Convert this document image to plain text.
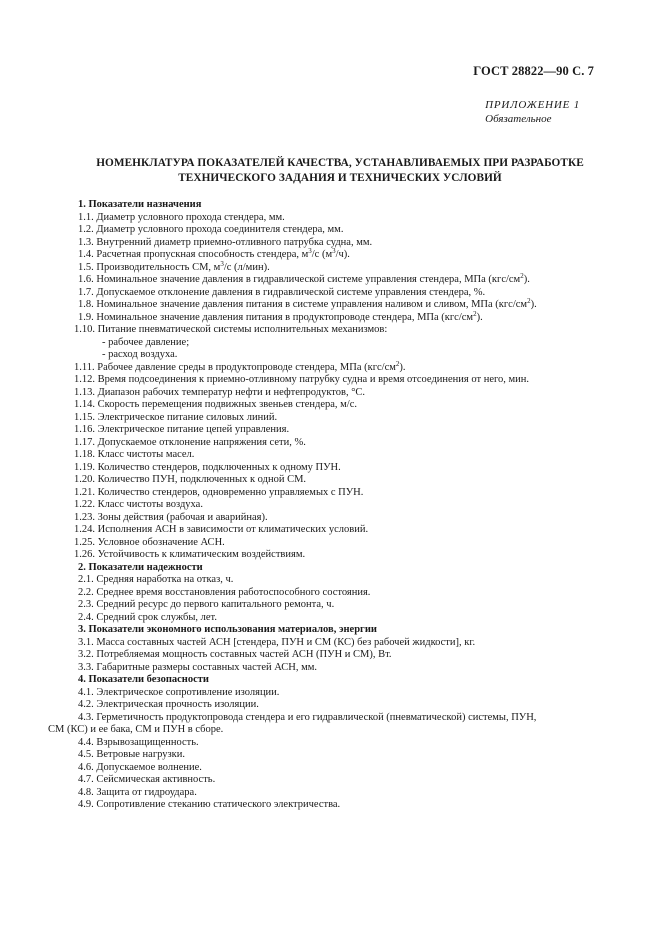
ГОСТ 28822—90 С. 7
ПРИЛОЖЕНИЕ 1
Обязательное
НОМЕНКЛАТУРА ПОКАЗАТЕЛЕЙ КАЧЕСТВА, УСТАНАВЛИВАЕМЫХ ПРИ РАЗРАБОТКЕ
ТЕХНИЧЕСКОГО ЗАДАНИЯ И ТЕХНИЧЕСКИХ УСЛОВИЙ
1. Показатели назначения
1.1. Диаметр условного прохода стендера, мм.
1.2. Диаметр условного прохода соединителя стендера, мм.
1.3. Внутренний диаметр приемно-отливного патрубка судна, мм.
1.4. Расчетная пропускная способность стендера, $м^3/с$ $(м^3/ч)$.
1.5. Производительность СМ, $м^3/с$ (л/мин).
1.6. Номинальное значение давления в гидравлической системе управления стендера, МПа $(кгс/см^2)$.
1.7. Допускаемое отклонение давления в гидравлической системе управления стендера, %.
1.8. Номинальное значение давления питания в системе управления наливом и сливом, МПа $(кгс/см^2)$.
1.9. Номинальное значение давления питания в продуктопроводе стендера, МПа $(кгс/см^2)$.
1.10. Питание пневматической системы исполнительных механизмов:
- рабочее давление;
- расход воздуха.
1.11. Рабочее давление среды в продуктопроводе стендера, МПа $(кгс/см^2)$.
1.12. Время подсоединения к приемно-отливному патрубку судна и время отсоединения от него, мин.
1.13. Диапазон рабочих температур нефти и нефтепродуктов, °С.
1.14. Скорость перемещения подвижных звеньев стендера, м/с.
1.15. Электрическое питание силовых линий.
1.16. Электрическое питание цепей управления.
1.17. Допускаемое отклонение напряжения сети, %.
1.18. Класс чистоты масел.
1.19. Количество стендеров, подключенных к одному ПУН.
1.20. Количество ПУН, подключенных к одной СМ.
1.21. Количество стендеров, одновременно управляемых с ПУН.
1.22. Класс чистоты воздуха.
1.23. Зоны действия (рабочая и аварийная).
1.24. Исполнения АСН в зависимости от климатических условий.
1.25. Условное обозначение АСН.
1.26. Устойчивость к климатическим воздействиям.
2. Показатели надежности
2.1. Средняя наработка на отказ, ч.
2.2. Среднее время восстановления работоспособного состояния.
2.3. Средний ресурс до первого капитального ремонта, ч.
2.4. Средний срок службы, лет.
3. Показатели экономного использования материалов, энергии
3.1. Масса составных частей АСН [стендера, ПУН и СМ (КС) без рабочей жидкости], кг.
3.2. Потребляемая мощность составных частей АСН (ПУН и СМ), Вт.
3.3. Габаритные размеры составных частей АСН, мм.
4. Показатели безопасности
4.1. Электрическое сопротивление изоляции.
4.2. Электрическая прочность изоляции.
4.3. Герметичность продуктопровода стендера и его гидравлической (пневматической) системы, ПУН,
СМ (КС) и ее бака, СМ и ПУН в сборе.
4.4. Взрывозащищенность.
4.5. Ветровые нагрузки.
4.6. Допускаемое волнение.
4.7. Сейсмическая активность.
4.8. Защита от гидроудара.
4.9. Сопротивление стеканию статического электричества.
